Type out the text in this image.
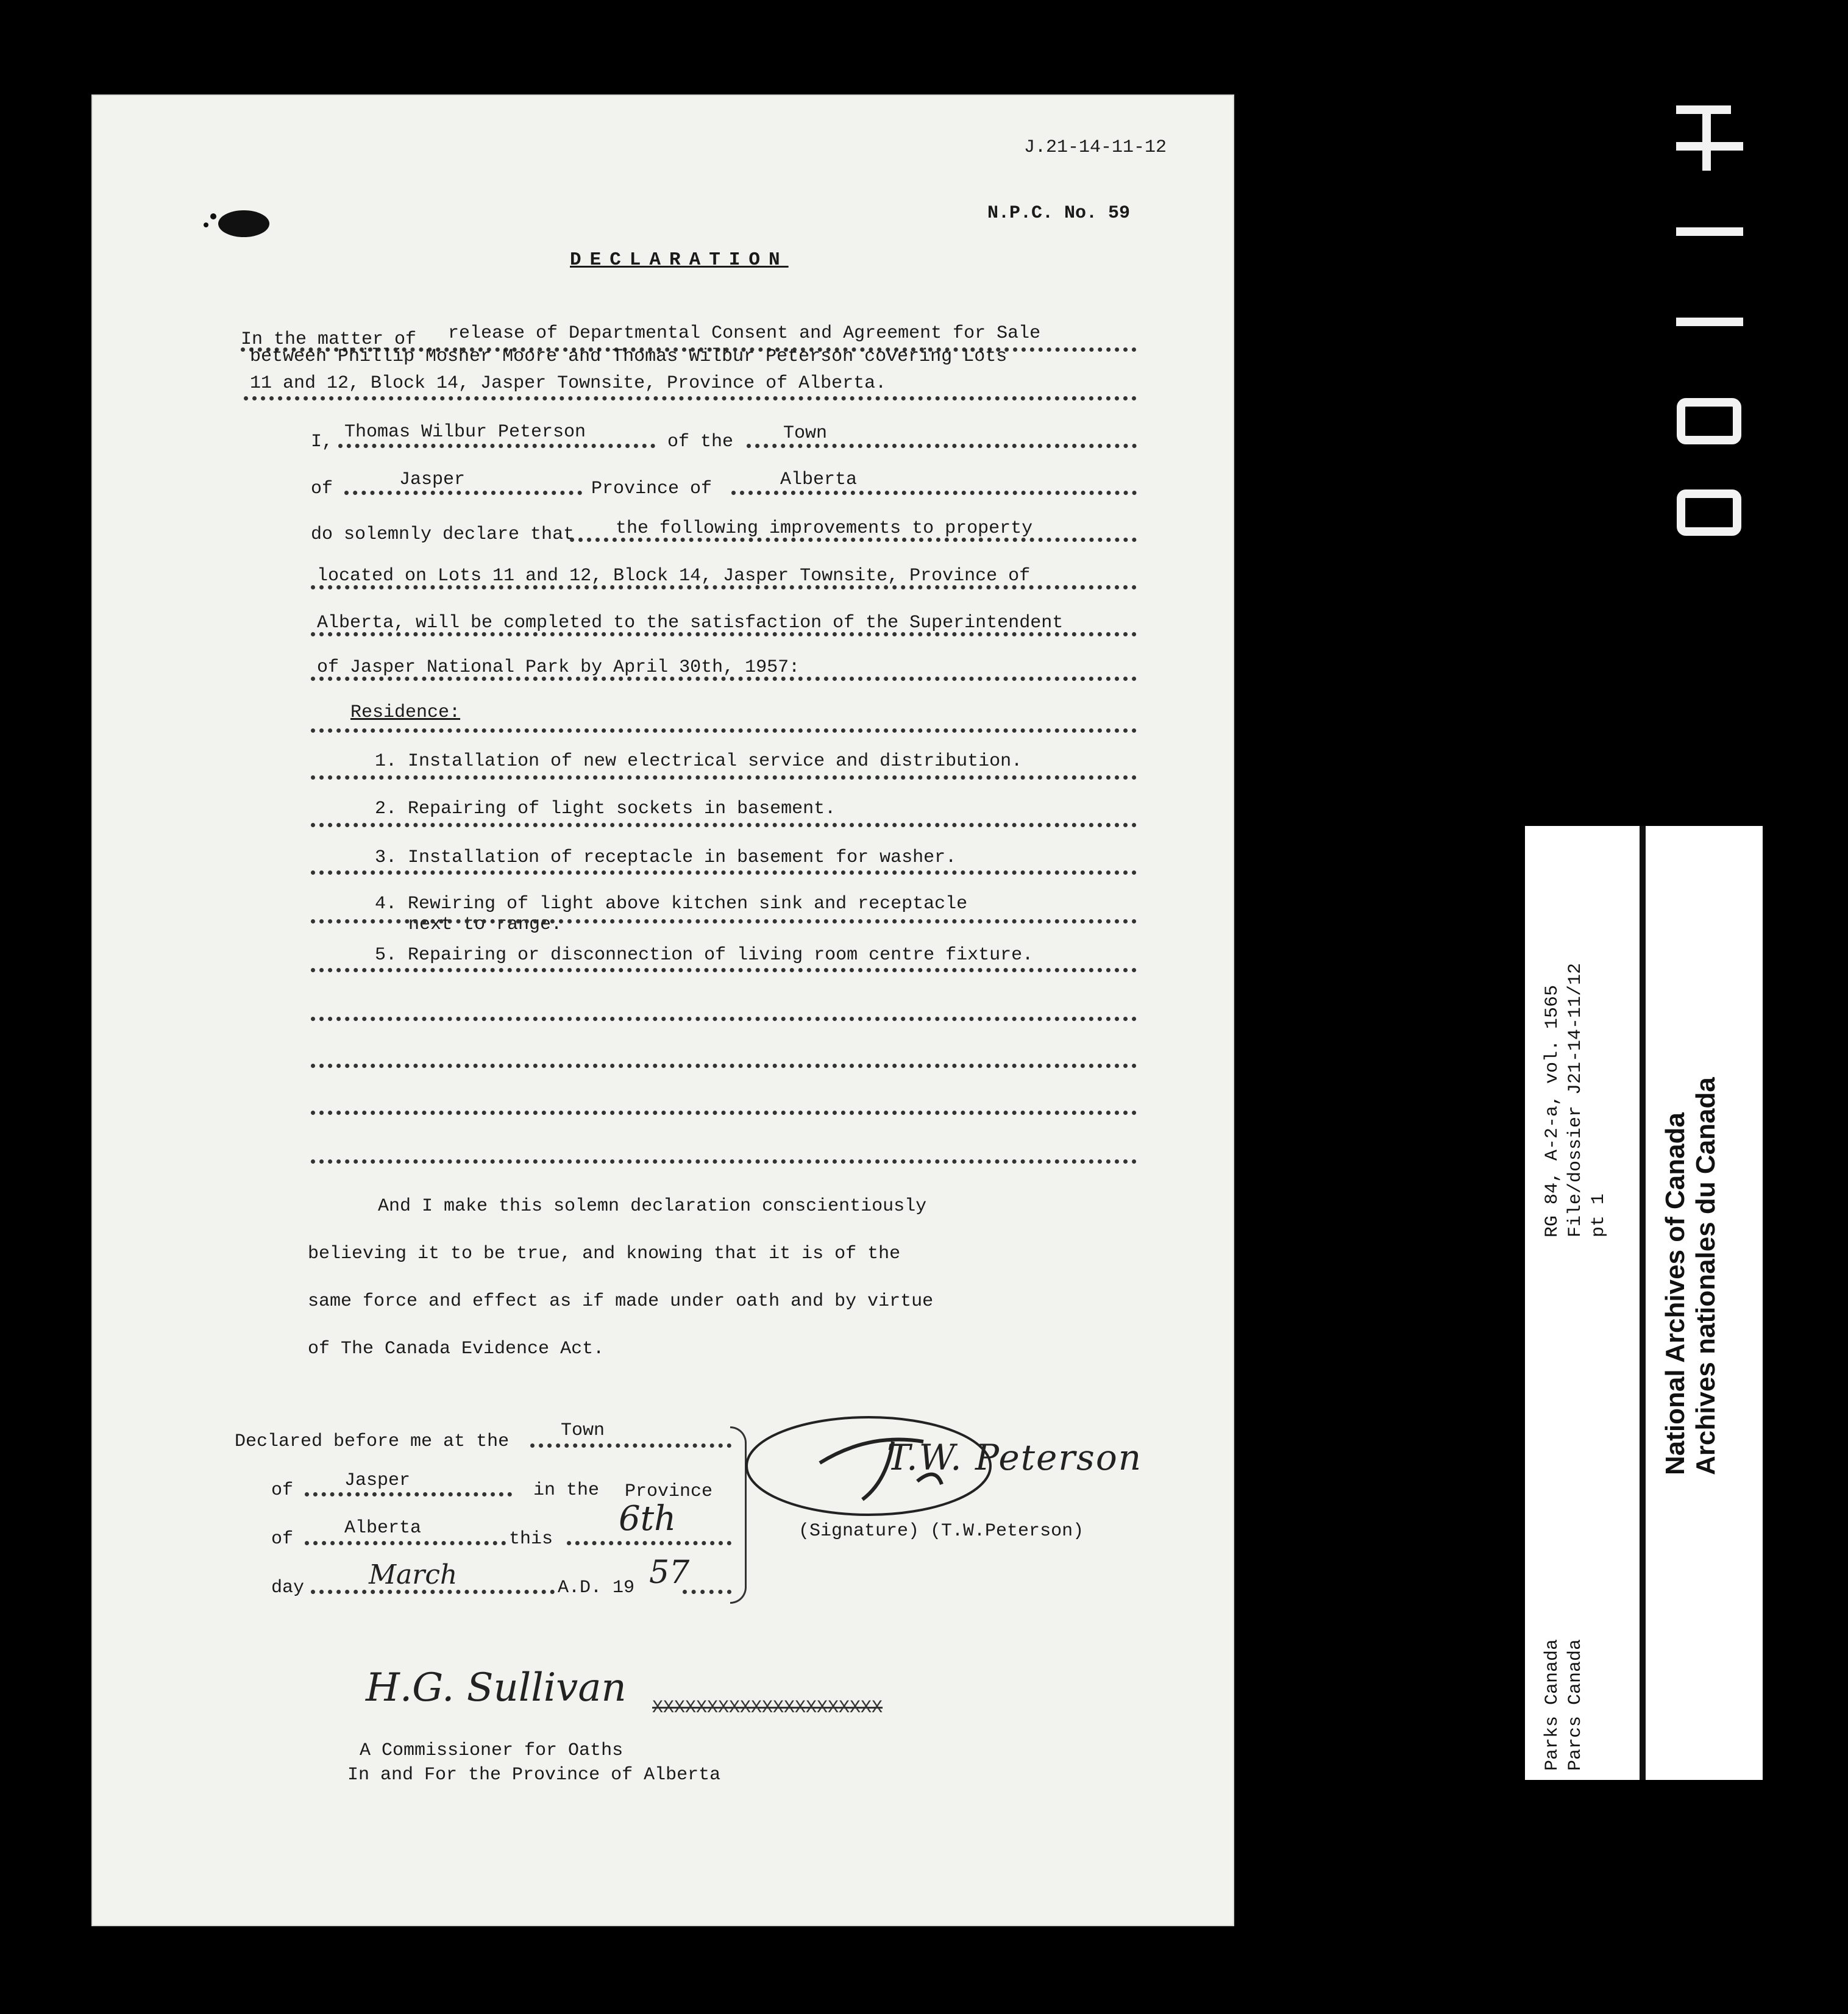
J.21-14-11-12
N.P.C. No. 59
DECLARATION
In the matter of release of Departmental Consent and Agreement for Sale
between Phillip Mosher Moore and Thomas Wilbur Peterson covering Lots
11 and 12, Block 14, Jasper Townsite, Province of Alberta.
I, Thomas Wilbur Peterson	of the	Town
of	Jasper	Province of	Alberta
do solemnly declare that the following improvements to property
located on Lots 11 and 12, Block 14, Jasper Townsite, Province of
Alberta, will be completed to the satisfaction of the Superintendent
of Jasper National Park by April 30th, 1957:
Residence:
1. Installation of new electrical service and distribution.
2. Repairing of light sockets in basement.
3. Installation of receptacle in basement for washer.
4. Rewiring of light above kitchen sink and receptacle
next to range.
5. Repairing or disconnection of living room centre fixture.
And I make this solemn declaration conscientiously
believing it to be true, and knowing that it is of the
same force and effect as if made under oath and by virtue
of The Canada Evidence Act.
Declared before me at the
Town
of	Jasper	in the Province
of
Alberta
this
6th
day March	A.D. 19 57
T.W. Peterson
(Signature) (T.W.Peterson)
XXXXXXXXXXXXXXXXXXXXX
H.G. Sullivan
A Commissioner for Oaths
In and For the Province of Alberta
RG 84, A-2-a, vol. 1565 File/dossier J21-14-11/12 pt 1
Parks Canada Parcs Canada
National Archives of Canada Archives nationales du Canada
